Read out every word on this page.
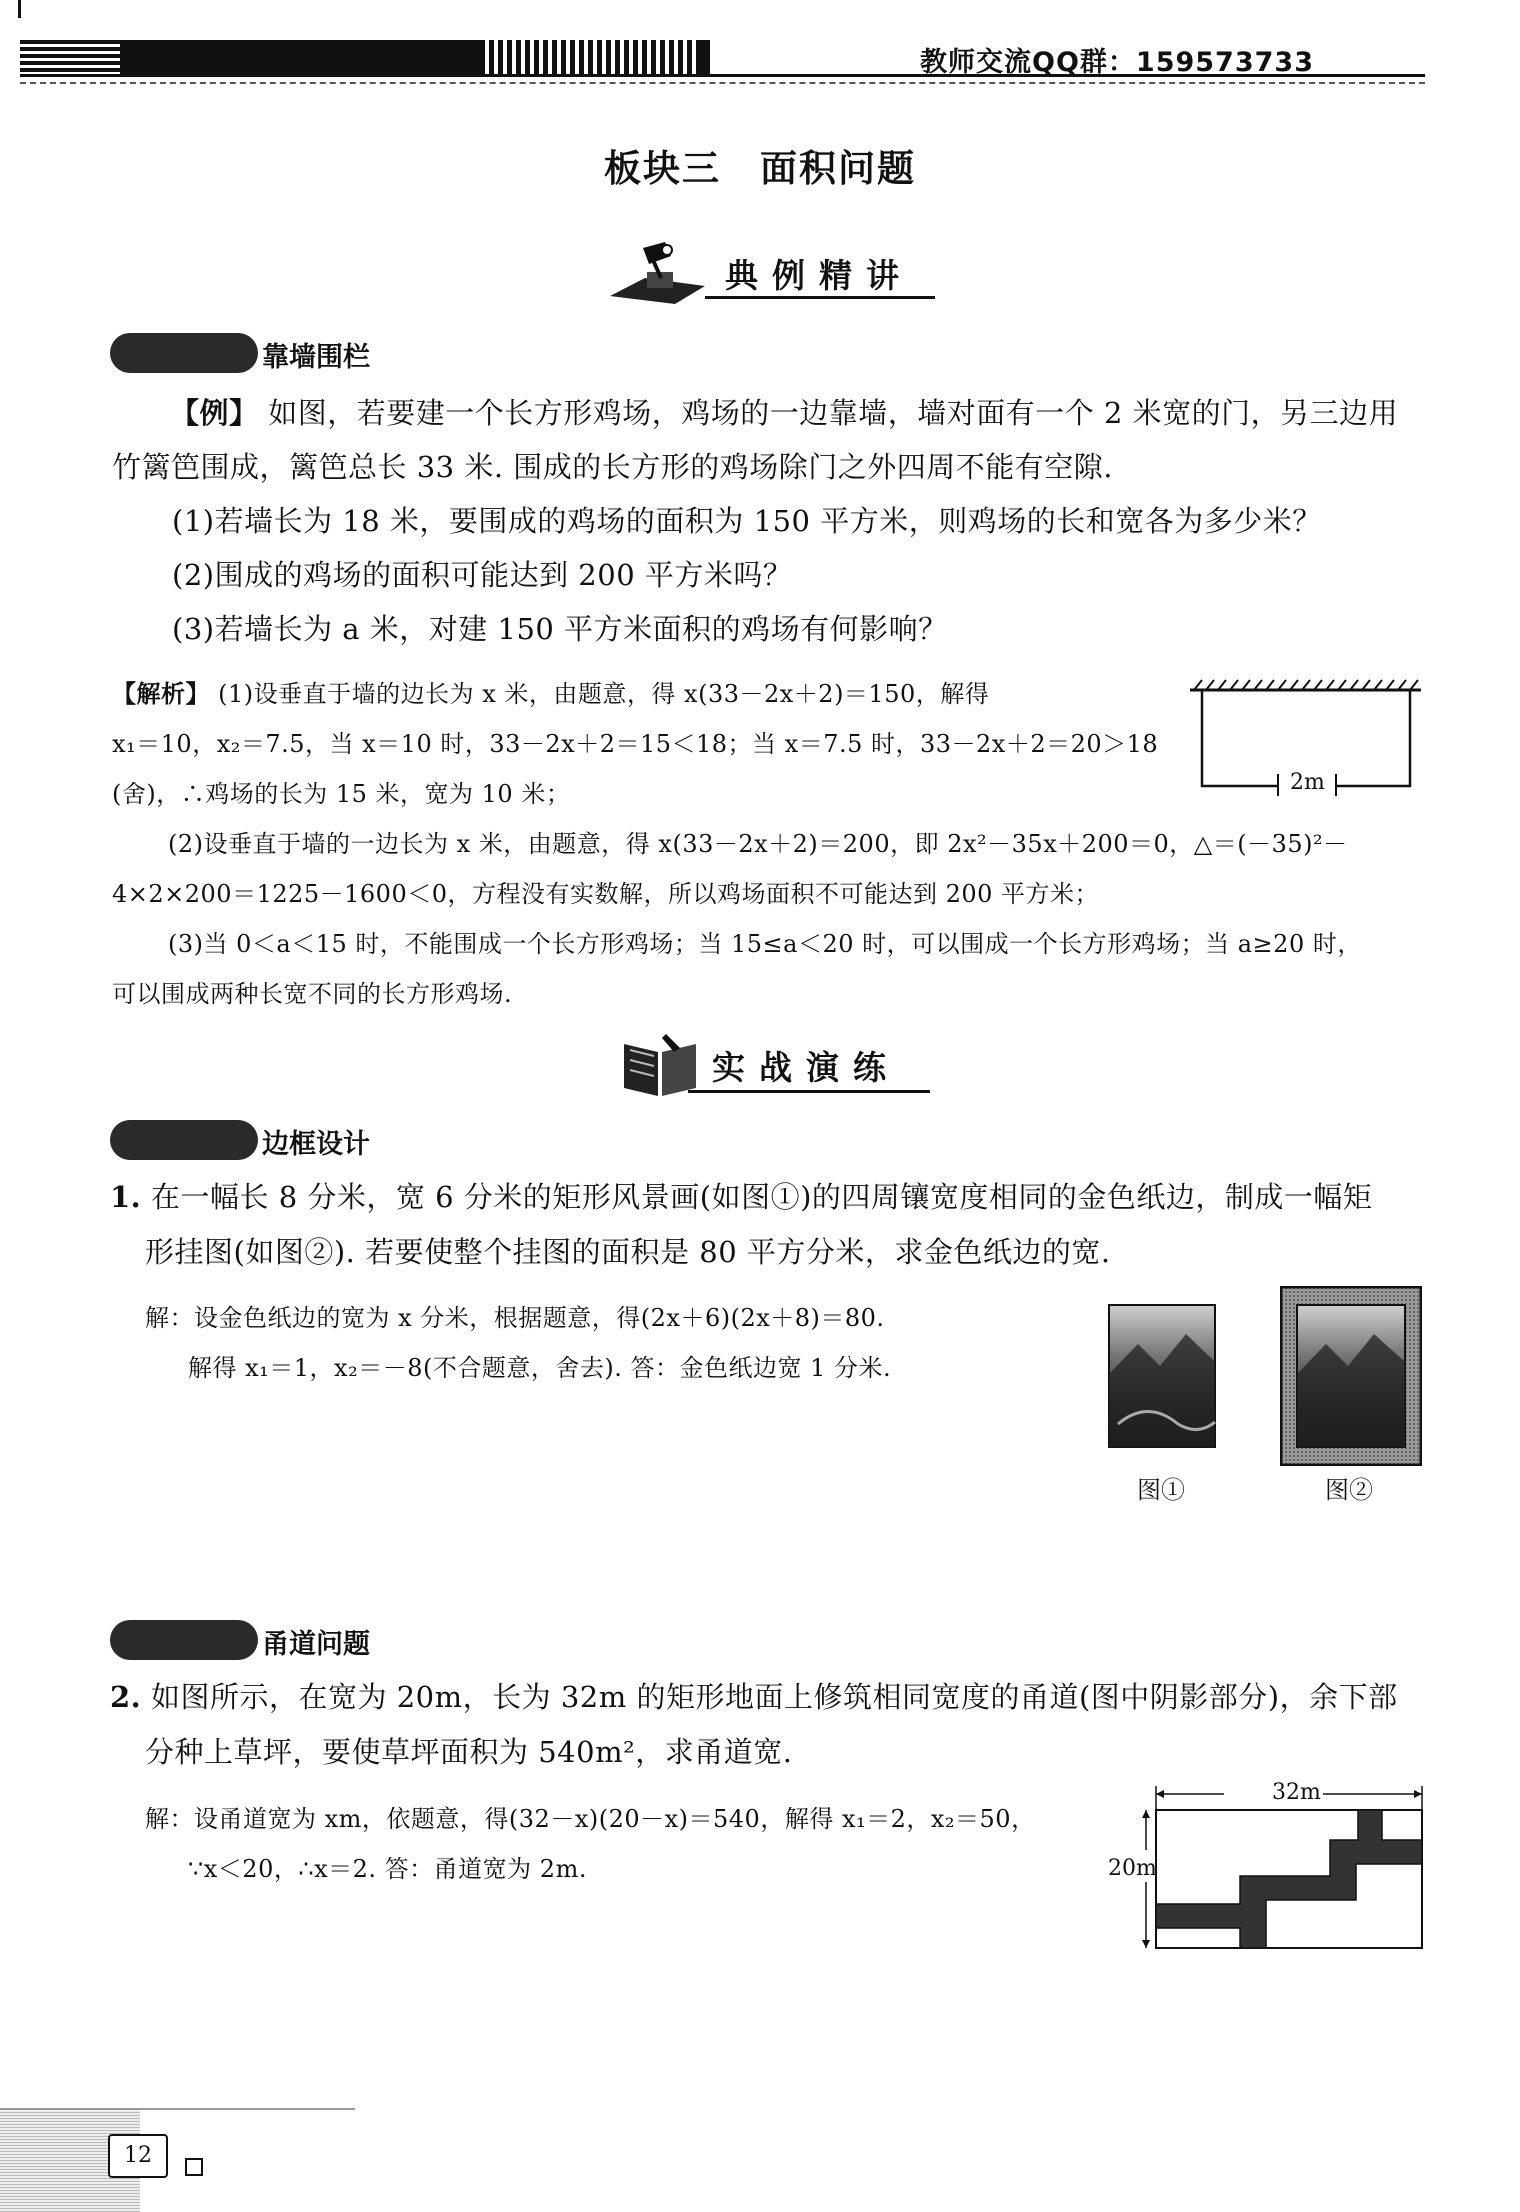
教师交流QQ群：159573733
板块三　面积问题
典例精讲
靠墙围栏
【例】 如图，若要建一个长方形鸡场，鸡场的一边靠墙，墙对面有一个 2 米宽的门，另三边用
竹篱笆围成，篱笆总长 33 米. 围成的长方形的鸡场除门之外四周不能有空隙.
(1)若墙长为 18 米，要围成的鸡场的面积为 150 平方米，则鸡场的长和宽各为多少米？
(2)围成的鸡场的面积可能达到 200 平方米吗？
(3)若墙长为 a 米，对建 150 平方米面积的鸡场有何影响？
【解析】 (1)设垂直于墙的边长为 x 米，由题意，得 x(33－2x＋2)＝150，解得
x₁＝10，x₂＝7.5，当 x＝10 时，33－2x＋2＝15＜18；当 x＝7.5 时，33－2x＋2＝20＞18
(舍)，∴鸡场的长为 15 米，宽为 10 米；
(2)设垂直于墙的一边长为 x 米，由题意，得 x(33－2x＋2)＝200，即 2x²－35x＋200＝0，△＝(－35)²－
4×2×200＝1225－1600＜0，方程没有实数解，所以鸡场面积不可能达到 200 平方米；
(3)当 0＜a＜15 时，不能围成一个长方形鸡场；当 15≤a＜20 时，可以围成一个长方形鸡场；当 a≥20 时，
可以围成两种长宽不同的长方形鸡场.
2m
实战演练
边框设计
1. 在一幅长 8 分米，宽 6 分米的矩形风景画(如图①)的四周镶宽度相同的金色纸边，制成一幅矩
形挂图(如图②). 若要使整个挂图的面积是 80 平方分米，求金色纸边的宽.
解：设金色纸边的宽为 x 分米，根据题意，得(2x＋6)(2x＋8)＝80.
解得 x₁＝1，x₂＝－8(不合题意，舍去). 答：金色纸边宽 1 分米.
图①	图②
甬道问题
2. 如图所示，在宽为 20m，长为 32m 的矩形地面上修筑相同宽度的甬道(图中阴影部分)，余下部
分种上草坪，要使草坪面积为 540m²，求甬道宽.
解：设甬道宽为 xm，依题意，得(32－x)(20－x)＝540，解得 x₁＝2，x₂＝50，
∵x＜20，∴x＝2. 答：甬道宽为 2m.
32m
20m
12
